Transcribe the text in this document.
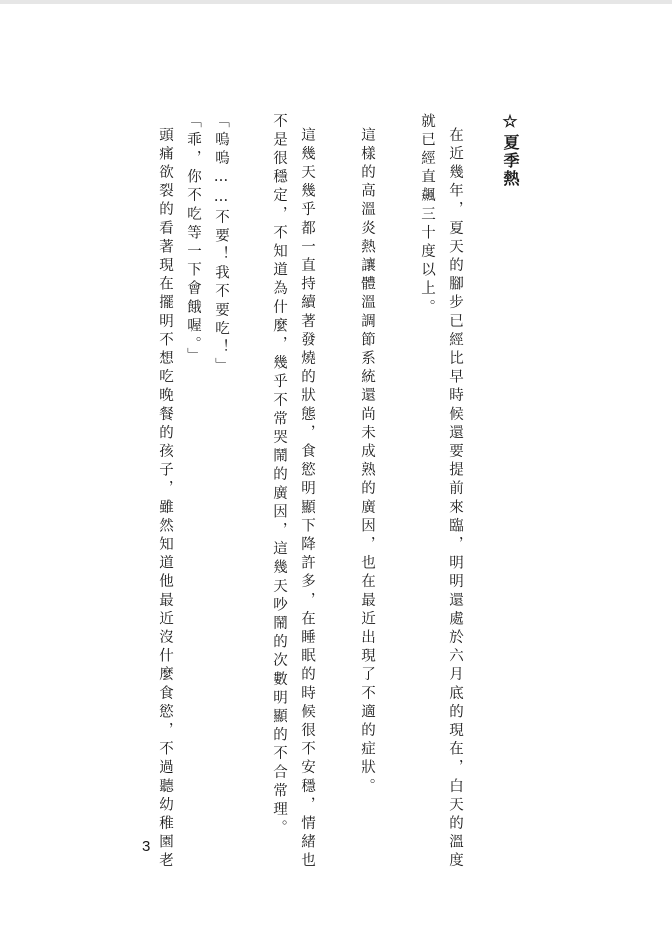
☆夏季熱
在近幾年，夏天的腳步已經比早時候還要提前來臨，明明還處於六月底的現在，白天的溫度
就已經直飆三十度以上。
這樣的高溫炎熱讓體溫調節系統還尚未成熟的廣因，也在最近出現了不適的症狀。
這幾天幾乎都一直持續著發燒的狀態，食慾明顯下降許多，在睡眠的時候很不安穩，情緒也
不是很穩定，不知道為什麼，幾乎不常哭鬧的廣因，這幾天吵鬧的次數明顯的不合常理。
「嗚嗚……不要！我不要吃！」
「乖，你不吃等一下會餓喔。」
頭痛欲裂的看著現在擺明不想吃晚餐的孩子，雖然知道他最近沒什麼食慾，不過聽幼稚園老
3
